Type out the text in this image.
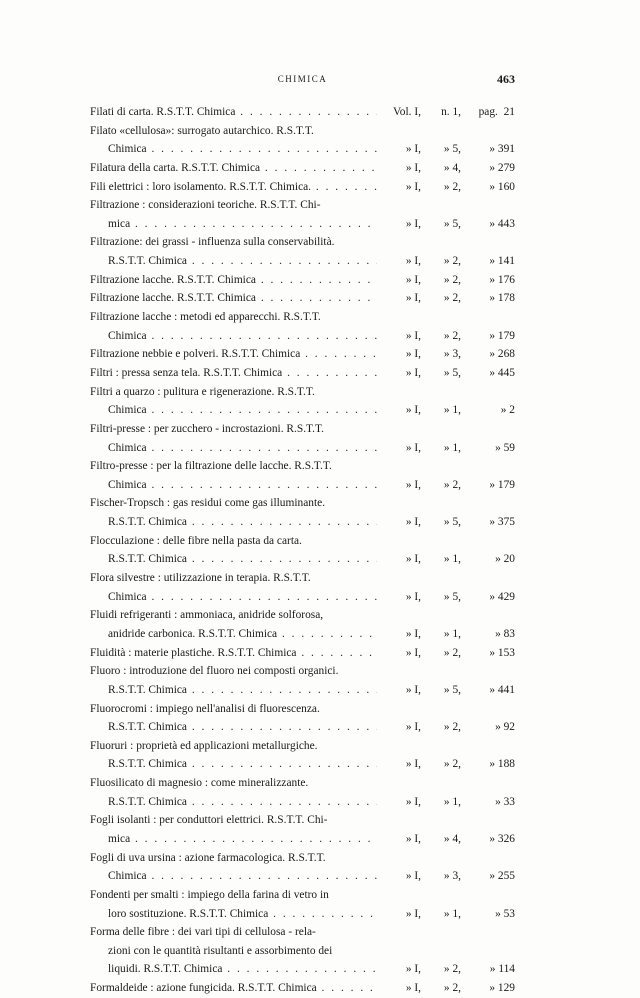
CHIMICA	463
Filati di carta. R.S.T.T. Chimica . . .	Vol. I,	n. 1,	pag.  21
Filato «cellulosa»: surrogato autarchico. R.S.T.T.
Chimica . . .	» I,	» 5,	» 391
Filatura della carta. R.S.T.T. Chimica . . .	» I,	» 4,	» 279
Fili elettrici : loro isolamento. R.S.T.T. Chimica. . . .	» I,	» 2,	» 160
Filtrazione : considerazioni teoriche. R.S.T.T. Chi-
mica . . .	» I,	» 5,	» 443
Filtrazione: dei grassi - influenza sulla conservabilità.
R.S.T.T. Chimica . . .	» I,	» 2,	» 141
Filtrazione lacche. R.S.T.T. Chimica . . .	» I,	» 2,	» 176
Filtrazione lacche. R.S.T.T. Chimica . . .	» I,	» 2,	» 178
Filtrazione lacche : metodi ed apparecchi. R.S.T.T.
Chimica . . .	» I,	» 2,	» 179
Filtrazione nebbie e polveri. R.S.T.T. Chimica . . .	» I,	» 3,	» 268
Filtri : pressa senza tela. R.S.T.T. Chimica . . .	» I,	» 5,	» 445
Filtri a quarzo : pulitura e rigenerazione. R.S.T.T.
Chimica . . .	» I,	» 1,	» 2
Filtri-presse : per zucchero - incrostazioni. R.S.T.T.
Chimica . . .	» I,	» 1,	» 59
Filtro-presse : per la filtrazione delle lacche. R.S.T.T.
Chimica . . .	» I,	» 2,	» 179
Fischer-Tropsch : gas residui come gas illuminante.
R.S.T.T. Chimica . . .	» I,	» 5,	» 375
Flocculazione : delle fibre nella pasta da carta.
R.S.T.T. Chimica . . .	» I,	» 1,	» 20
Flora silvestre : utilizzazione in terapia. R.S.T.T.
Chimica . . .	» I,	» 5,	» 429
Fluidi refrigeranti : ammoniaca, anidride solforosa,
anidride carbonica. R.S.T.T. Chimica . . .	» I,	» 1,	» 83
Fluidità : materie plastiche. R.S.T.T. Chimica . . .	» I,	» 2,	» 153
Fluoro : introduzione del fluoro nei composti organici.
R.S.T.T. Chimica . . .	» I,	» 5,	» 441
Fluorocromi : impiego nell'analisi di fluorescenza.
R.S.T.T. Chimica . . .	» I,	» 2,	» 92
Fluoruri : proprietà ed applicazioni metallurgiche.
R.S.T.T. Chimica . . .	» I,	» 2,	» 188
Fluosilicato di magnesio : come mineralizzante.
R.S.T.T. Chimica . . .	» I,	» 1,	» 33
Fogli isolanti : per conduttori elettrici. R.S.T.T. Chi-
mica . . .	» I,	» 4,	» 326
Fogli di uva ursina : azione farmacologica. R.S.T.T.
Chimica . . .	» I,	» 3,	» 255
Fondenti per smalti : impiego della farina di vetro in
loro sostituzione. R.S.T.T. Chimica . . .	» I,	» 1,	» 53
Forma delle fibre : dei vari tipi di cellulosa - rela-
zioni con le quantità risultanti e assorbimento dei
liquidi. R.S.T.T. Chimica . . .	» I,	» 2,	» 114
Formaldeide : azione fungicida. R.S.T.T. Chimica . . .	» I,	» 2,	» 129
